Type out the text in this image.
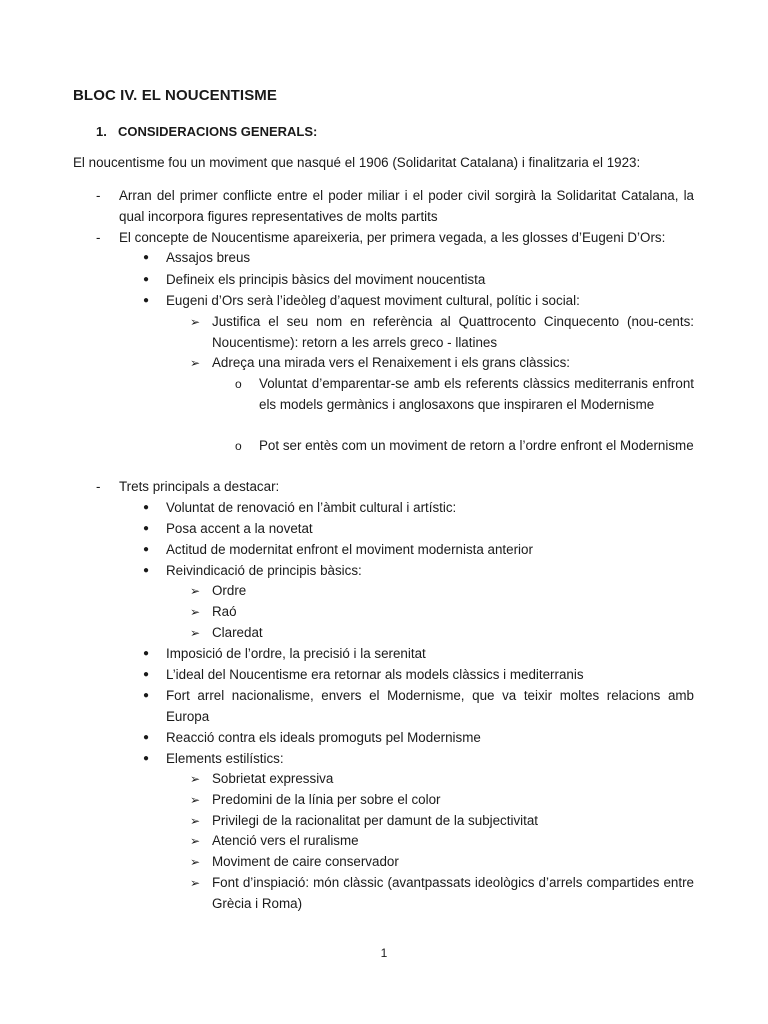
BLOC IV. EL NOUCENTISME
1. CONSIDERACIONS GENERALS:
El noucentisme fou un moviment que nasqué el 1906 (Solidaritat Catalana) i finalitzaria el 1923:
- Arran del primer conflicte entre el poder miliar i el poder civil sorgirà la Solidaritat Catalana, la qual incorpora figures representatives de molts partits
- El concepte de Noucentisme apareixeria, per primera vegada, a les glosses d’Eugeni D’Ors:
● Assajos breus
● Defineix els principis bàsics del moviment noucentista
● Eugeni d’Ors serà l’ideòleg d’aquest moviment cultural, polític i social:
➢ Justifica el seu nom en referència al Quattrocento Cinquecento (nou-cents: Noucentisme): retorn a les arrels greco - llatines
➢ Adreça una mirada vers el Renaixement i els grans clàssics:
o Voluntat d’emparentar-se amb els referents clàssics mediterranis enfront els models germànics i anglosaxons que inspiraren el Modernisme
o Pot ser entès com un moviment de retorn a l’ordre enfront el Modernisme
- Trets principals a destacar:
● Voluntat de renovació en l’àmbit cultural i artístic:
● Posa accent a la novetat
● Actitud de modernitat enfront el moviment modernista anterior
● Reivindicació de principis bàsics:
➢ Ordre
➢ Raó
➢ Claredat
● Imposició de l’ordre, la precisió i la serenitat
● L’ideal del Noucentisme era retornar als models clàssics i mediterranis
● Fort arrel nacionalisme, envers el Modernisme, que va teixir moltes relacions amb Europa
● Reacció contra els ideals promoguts pel Modernisme
● Elements estilístics:
➢ Sobrietat expressiva
➢ Predomini de la línia per sobre el color
➢ Privilegi de la racionalitat per damunt de la subjectivitat
➢ Atenció vers el ruralisme
➢ Moviment de caire conservador
➢ Font d’inspiació: món clàssic (avantpassats ideològics d’arrels compartides entre Grècia i Roma)
1
